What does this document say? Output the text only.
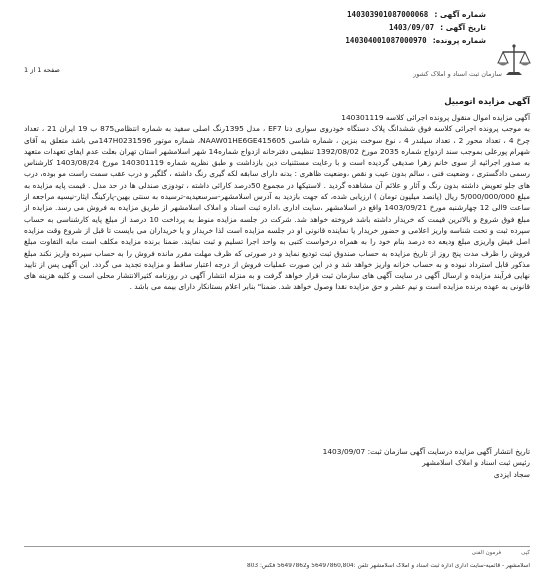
شماره آگهی :
140303901087000068
تاریخ آگهی :
1403/09/07
شماره پرونده:
140304001087000970
سازمان ثبت اسناد و املاک کشور
صفحه 1 از 1
آگهی مزایده اتومبیل

آگهی مزایده اموال منقول پرونده اجرائی کلاسه 140301119

به موجب پرونده اجرائی کلاسه فوق ششدانگ پلاک دستگاه خودروی سواری دنا EF7 ، مدل 1395رنگ اصلی سفید به شماره انتظامی875 ب 19 ایران 21 ، تعداد چرخ 4 ، تعداد محور 2 ، تعداد سیلندر 4 ، نوع سوخت بنزین ، شماره شاسی NAAW01HE6GE415605، شماره موتور 147H0231596می باشد متعلق به آقای شهرام پورعلی بموجب سند ازدواج شماره 2035 مورخ 1392/08/02 تنظیمی دفترخانه ازدواج شماره14 شهر اسلامشهر استان تهران بعلت عدم ایفای تعهدات متعهد به صدور اجرائیه از سوی خانم زهرا صدیقی گردیده است و با رعایت مستثنیات دین بازداشت و طبق نظریه شماره 140301119 مورخ 1403/08/24 کارشناس رسمی دادگستری ، وضعیت فنی ، سالم بدون عیب و نقص ،وضعیت ظاهری : بدنه دارای سابقه لکه گیری رنگ داشته ، گلگیر و درب عقب سمت راست مو بوده، درب های جلو تعویض داشته بدون رنگ و آثار و علائم آن مشاهده گردید . لاستیکها در مجموع 50درصد کارائی داشته ، تودوزی صندلی ها در حد مدل . قیمت پایه مزایده به مبلغ 5/000/000/000 ریال (پانصد میلیون تومان ) ارزیابی شده، که جهت بازدید به آدرس اسلامشهر-سرسعیدیه-ترسیده به سنتی بهین-پارکینگ ایثار-نیسیه مراجعه از ساعت 9الی 12 چهارشنبه مورخ 1403/09/21 واقع در اسلامشهر ،سایت اداری ،اداره ثبت اسناد و املاک اسلامشهر از طریق مزایده به فروش می رسد. مزایده از مبلغ فوق شروع و بالاترین قیمت که خریدار داشته باشد فروخته خواهد شد. شرکت در جلسه مزایده منوط به پرداخت 10 درصد از مبلغ پایه کارشناسی به حساب سپرده ثبت و تحت شناسه واریز اعلامی و حضور خریدار یا نماینده قانونی او در جلسه مزایده است لذا خریدار و یا خریداران می بایست تا قبل از شروع وقت مزایده اصل فیش واریزی مبلغ ودیعه ده درصد بنام خود را به همراه درخواست کتبی به واحد اجرا تسلیم و ثبت نمایند. ضمنا برنده مزایده مکلف است مابه التفاوت مبلغ فروش را ظرف مدت پنج روز از تاریخ مزایده به حساب صندوق ثبت تودیع نماید و در صورتی که ظرف مهلت مقرر مانده فروش را به حساب سپرده واریز نکند مبلغ مذکور قابل استرداد نبوده و به حساب خزانه واریز خواهد شد و در این صورت عملیات فروش از درجه اعتبار ساقط و مزایده تجدید می گردد. این آگهی پس از تایید نهایی فرآیند مزایده و ارسال آگهی در سایت آگهی های سازمان ثبت قرار خواهد گرفت و به منزله انتشار آگهی در روزنامه کثیرالانتشار محلی است و کلیه هزینه های قانونی به عهده برنده مزایده است و نیم عشر و حق مزایده نقدا وصول خواهد شد. ضمنا" بنابر اعلام بستانکار دارای بیمه می باشد .

تاریخ انتشار آگهی مزایده درسایت آگهی سازمان ثبت: 1403/09/07
رئیس ثبت اسناد و املاک اسلامشهر
سجاد ایزدی
کپی
فرمون الفنی
اسلامشهر - قائمیه-سایت اداری اداره ثبت اسناد و املاک اسلامشهر تلفن :56497860,804 و56497862 فکس: 803
